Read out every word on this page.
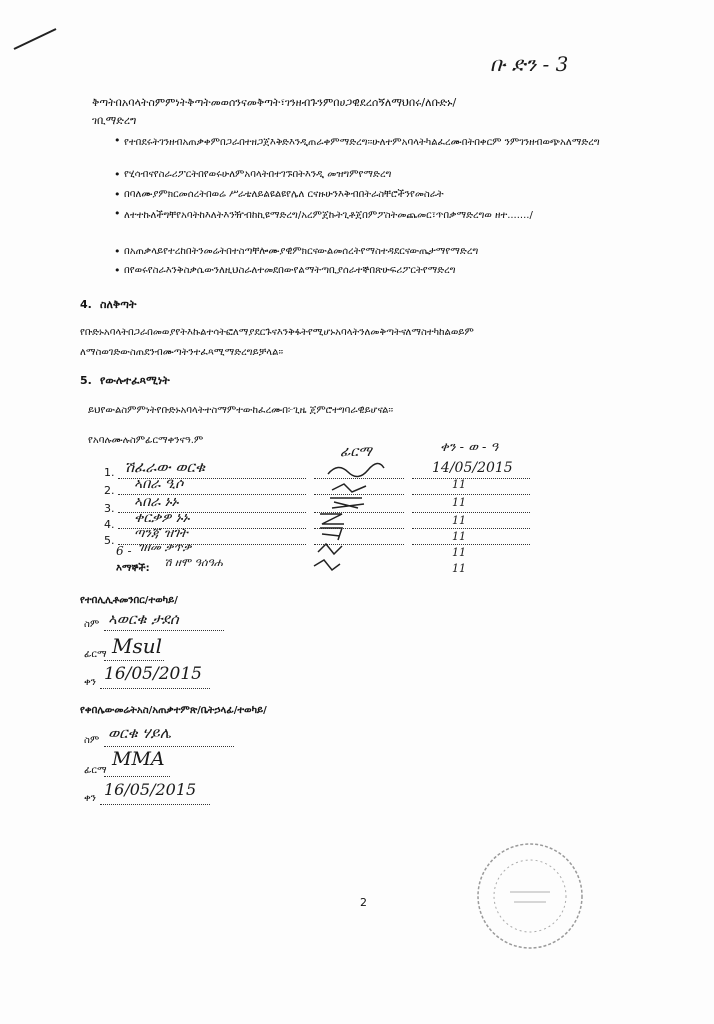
ቡ ድን - 3
ቅጣትበአባላትስምምነትቅጣትመወሰንናመቅጣት፣ገንዘብጉንምበሀጋዊደረሰኝለማህበሩ/ለቡድኑ/
ገቢማድረግ
• የተበደሩትገንዘብአጠቃቀምበጋራበተዘጋጀእቅድእንዲጠራቀምማድረግ፡፡ሁለተምአባላትካልፈረሙበትበቀርም ንምገንዘብወጭአለማድረግ
• የሂሳብናየስራሪፖርትበየወሩሁለምአባላትበተገኙበትእንዲ መዝግምየማድረግ
• በባለሙያምክርመሰረትበወሬ ሥራቴለይልዩልዩየሌለ ርናዙሁንእቅብበትራስቸሮችንየመስራት
• ለተተኩለችግቸየአባትከእለትእንዥብከኪዩማድረግ/አረምጀኩትጊቶጀበምፖስትመጨመር፣ጥበቃማድረግወ ዘተ......./
• በአጠቃላይየተረከበትንመሬትበተስጣቸሎሙያዊምክርናውልመሰረትየማስተዳደርናውጤታማየማድረግ
• በየወሩየስራእንቅስቃሴውንለዚህስራለተመደበውየልማትጣቢያሰራተኞበጽሁፍሪፖርትየማድረግ
4. ስለቅጣት
የቡድኑአባላትበጋራበመወያየትእኩልተሳትፎለማያደርጉናእንቅፋትየሚሆኑአባላትንለመቅጣትናለማስተካከልወይም
ለማስወገድውስጠደንብሙጣትንተፈጻሚማድረግይቻላል፡፡
5. የውሉተፈጻሚነት
ይህየውልስምምነትየቡድኑአባላትተስማምተውከፈረሙበ፦ጊዜ ጀምሮተግባራዊይሆናል፡፡
የአባሉሙሉስምፊርማቀንናዓ.ም
ፊርማ	ቀን - ወ - ዓ
1. ሽፈራው ወርቁ	14/05/2015
2. ኣበራ ዒሶ	11
3. ኣበራ ኑኑ	11
4. ቀርቃዎ ኑኑ	11
5. ጣንጃ ዝገት	11
6 - ገዘመ ቃጥቃ	11
እማኞች: ሽ ዘሞ ዓሰዓሐ	11
የተበሊሊቶመንበር/ተወካይ/
ስም ኣወርቁ ታደሰ
ፊርማ Msul
ቀን 16/05/2015
የቀበሌውመሬትአስ/አጠቃተምጽ/ቤትኃላፊ/ተወካይ/
ስም ወርቁ ሃይሌ
ፊርማ
MMA
ቀን 16/05/2015
2
